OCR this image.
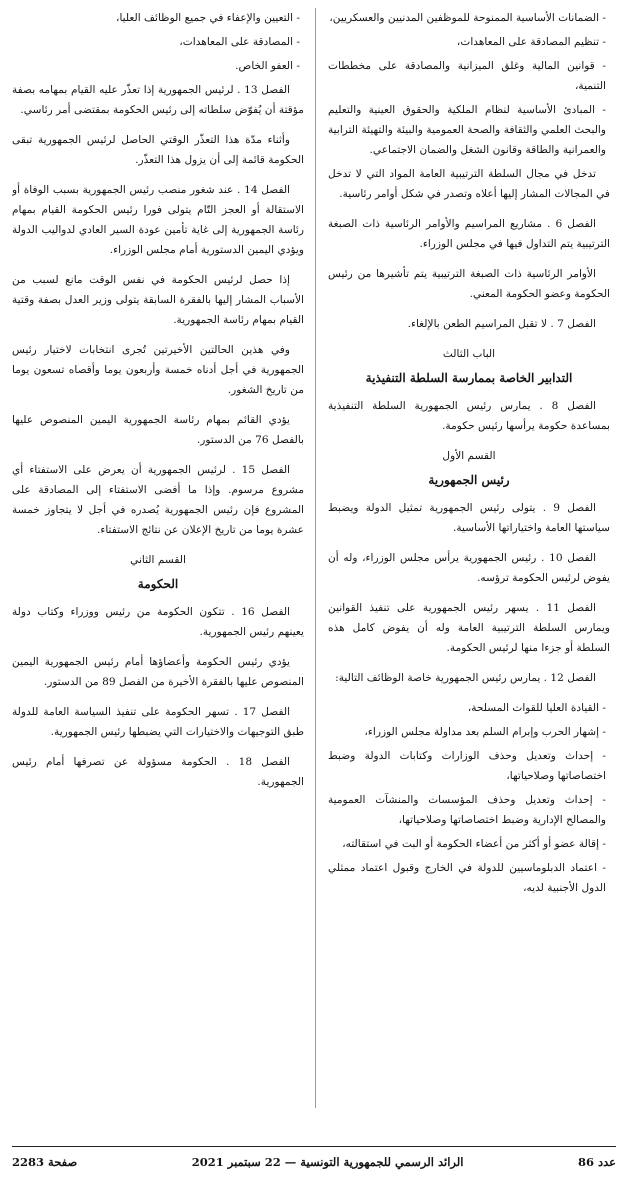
- الضمانات الأساسية الممنوحة للموظفين المدنيين والعسكريين،

- تنظيم المصادقة على المعاهدات،

- قوانين المالية وغلق الميزانية والمصادقة على مخططات التنمية،

- المبادئ الأساسية لنظام الملكية والحقوق العينية والتعليم والبحث العلمي والثقافة والصحة العمومية والبيئة والتهيئة الترابية والعمرانية والطاقة وقانون الشغل والضمان الاجتماعي.

تدخل في مجال السلطة الترتيبية العامة المواد التي لا تدخل في المجالات المشار إليها أعلاه وتصدر في شكل أوامر رئاسية.

الفصل 6 . مشاريع المراسيم والأوامر الرئاسية ذات الصبغة الترتيبية يتم التداول فيها في مجلس الوزراء.

الأوامر الرئاسية ذات الصبغة الترتيبية يتم تأشيرها من رئيس الحكومة وعضو الحكومة المعني.

الفصل 7 . لا تقبل المراسيم الطعن بالإلغاء.

الباب الثالث

التدابير الخاصة بممارسة السلطة التنفيذية

الفصل 8 . يمارس رئيس الجمهورية السلطة التنفيذية بمساعدة حكومة يرأسها رئيس حكومة.

القسم الأول

رئيس الجمهورية

الفصل 9 . يتولى رئيس الجمهورية تمثيل الدولة ويضبط سياستها العامة واختياراتها الأساسية.

الفصل 10 . رئيس الجمهورية يرأس مجلس الوزراء، وله أن يفوض لرئيس الحكومة ترؤسه.

الفصل 11 . يسهر رئيس الجمهورية على تنفيذ القوانين ويمارس السلطة الترتيبية العامة وله أن يفوض كامل هذه السلطة أو جزءا منها لرئيس الحكومة.

الفصل 12 . يمارس رئيس الجمهورية خاصة الوظائف التالية:

- القيادة العليا للقوات المسلحة،

- إشهار الحرب وإبرام السلم بعد مداولة مجلس الوزراء،

- إحداث وتعديل وحذف الوزارات وكتابات الدولة وضبط اختصاصاتها وصلاحياتها،

- إحداث وتعديل وحذف المؤسسات والمنشآت العمومية والمصالح الإدارية وضبط اختصاصاتها وصلاحياتها،

- إقالة عضو أو أكثر من أعضاء الحكومة أو البت في استقالته،

- اعتماد الدبلوماسيين للدولة في الخارج وقبول اعتماد ممثلي الدول الأجنبية لديه،

- التعيين والإعفاء في جميع الوظائف العليا،

- المصادقة على المعاهدات،

- العفو الخاص.

الفصل 13 . لرئيس الجمهورية إذا تعذّر عليه القيام بمهامه بصفة مؤقتة أن يُفوّض سلطاته إلى رئيس الحكومة بمقتضى أمر رئاسي.

وأثناء مدّة هذا التعذّر الوقتي الحاصل لرئيس الجمهورية تبقى الحكومة قائمة إلى أن يزول هذا التعذّر.

الفصل 14 . عند شغور منصب رئيس الجمهورية بسبب الوفاة أو الاستقالة أو العجز التّام يتولى فورا رئيس الحكومة القيام بمهام رئاسة الجمهورية إلى غاية تأمين عودة السير العادي لدواليب الدولة ويؤدي اليمين الدستورية أمام مجلس الوزراء.

إذا حصل لرئيس الحكومة في نفس الوقت مانع لسبب من الأسباب المشار إليها بالفقرة السابقة يتولى وزير العدل بصفة وقتية القيام بمهام رئاسة الجمهورية.

وفي هذين الحالتين الأخيرتين تُجرى انتخابات لاختيار رئيس الجمهورية في أجل أدناه خمسة وأربعون يوما وأقصاه تسعون يوما من تاريخ الشغور.

يؤدي القائم بمهام رئاسة الجمهورية اليمين المنصوص عليها بالفصل 76 من الدستور.

الفصل 15 . لرئيس الجمهورية أن يعرض على الاستفتاء أي مشروع مرسوم. وإذا ما أفضى الاستفتاء إلى المصادقة على المشروع فإن رئيس الجمهورية يُصدره في أجل لا يتجاوز خمسة عشرة يوما من تاريخ الإعلان عن نتائج الاستفتاء.

القسم الثاني

الحكومة

الفصل 16 . تتكون الحكومة من رئيس ووزراء وكتاب دولة يعينهم رئيس الجمهورية.

يؤدي رئيس الحكومة وأعضاؤها أمام رئيس الجمهورية اليمين المنصوص عليها بالفقرة الأخيرة من الفصل 89 من الدستور.

الفصل 17 . تسهر الحكومة على تنفيذ السياسة العامة للدولة طبق التوجيهات والاختيارات التي يضبطها رئيس الجمهورية.

الفصل 18 . الحكومة مسؤولة عن تصرفها أمام رئيس الجمهورية.

عدد 86
الرائد الرسمي للجمهورية التونسية — 22 سبتمبر 2021
صفحة 2283
